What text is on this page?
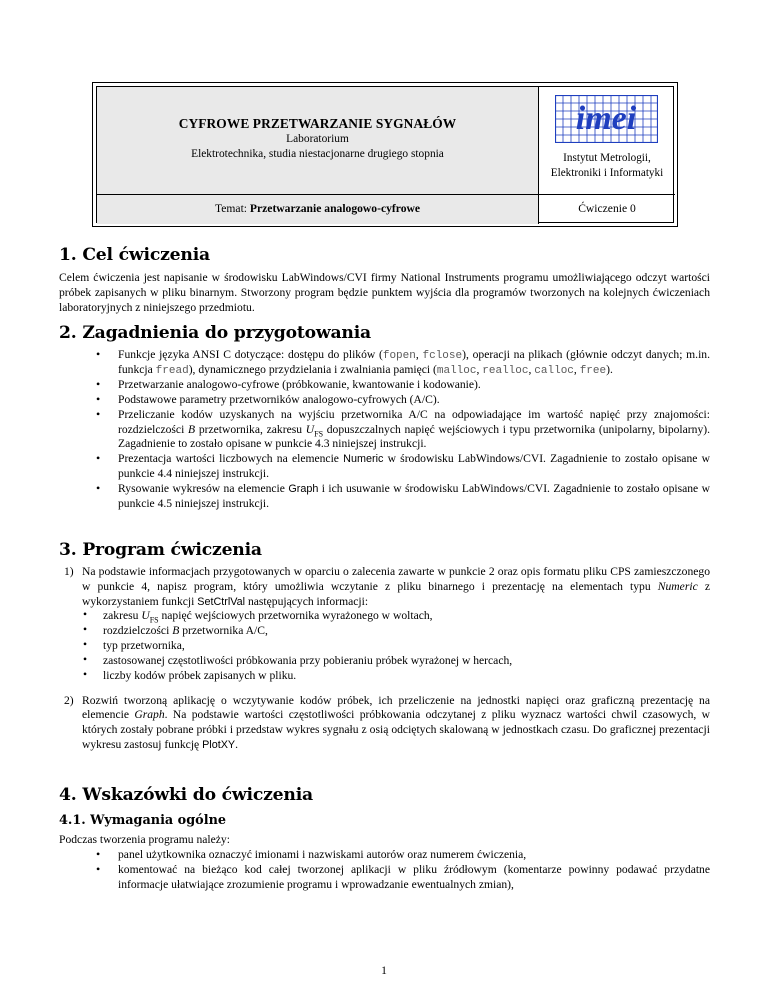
CYFROWE PRZETWARZANIE SYGNAŁÓW
Laboratorium
Elektrotechnika, studia niestacjonarne drugiego stopnia
imei
Instytut Metrologii,
Elektroniki i Informatyki
Temat: Przetwarzanie analogowo-cyfrowe	Ćwiczenie 0
1. Cel ćwiczenia

Celem ćwiczenia jest napisanie w środowisku LabWindows/CVI firmy National Instruments programu umożliwiającego odczyt wartości próbek zapisanych w pliku binarnym. Stworzony program będzie punktem wyjścia dla programów tworzonych na kolejnych ćwiczeniach laboratoryjnych z niniejszego przedmiotu.

2. Zagadnienia do przygotowania
• Funkcje języka ANSI C dotyczące: dostępu do plików (fopen, fclose), operacji na plikach (głównie odczyt danych; m.in. funkcja fread), dynamicznego przydzielania i zwalniania pamięci (malloc, realloc, calloc, free).
• Przetwarzanie analogowo-cyfrowe (próbkowanie, kwantowanie i kodowanie).
• Podstawowe parametry przetworników analogowo-cyfrowych (A/C).
• Przeliczanie kodów uzyskanych na wyjściu przetwornika A/C na odpowiadające im wartość napięć przy znajomości: rozdzielczości B przetwornika, zakresu $U_{FS}$ dopuszczalnych napięć wejściowych i typu przetwornika (unipolarny, bipolarny). Zagadnienie to zostało opisane w punkcie 4.3 niniejszej instrukcji.
• Prezentacja wartości liczbowych na elemencie Numeric w środowisku LabWindows/CVI. Zagadnienie to zostało opisane w punkcie 4.4 niniejszej instrukcji.
• Rysowanie wykresów na elemencie Graph i ich usuwanie w środowisku LabWindows/CVI. Zagadnienie to zostało opisane w punkcie 4.5 niniejszej instrukcji.
3. Program ćwiczenia
1) Na podstawie informacjach przygotowanych w oparciu o zalecenia zawarte w punkcie 2 oraz opis formatu pliku CPS zamieszczonego w punkcie 4, napisz program, który umożliwia wczytanie z pliku binarnego i prezentację na elementach typu Numeric z wykorzystaniem funkcji SetCtrlVal następujących informacji:
• zakresu $U_{FS}$ napięć wejściowych przetwornika wyrażonego w woltach,
• rozdzielczości B przetwornika A/C,
• typ przetwornika,
• zastosowanej częstotliwości próbkowania przy pobieraniu próbek wyrażonej w hercach,
• liczby kodów próbek zapisanych w pliku.
2) Rozwiń tworzoną aplikację o wczytywanie kodów próbek, ich przeliczenie na jednostki napięci oraz graficzną prezentację na elemencie Graph. Na podstawie wartości częstotliwości próbkowania odczytanej z pliku wyznacz wartości chwil czasowych, w których zostały pobrane próbki i przedstaw wykres sygnału z osią odciętych skalowaną w jednostkach czasu. Do graficznej prezentacji wykresu zastosuj funkcję PlotXY.
4. Wskazówki do ćwiczenia
4.1. Wymagania ogólne

Podczas tworzenia programu należy:

• panel użytkownika oznaczyć imionami i nazwiskami autorów oraz numerem ćwiczenia,
• komentować na bieżąco kod całej tworzonej aplikacji w pliku źródłowym (komentarze powinny podawać przydatne informacje ułatwiające zrozumienie programu i wprowadzanie ewentualnych zmian),
1
